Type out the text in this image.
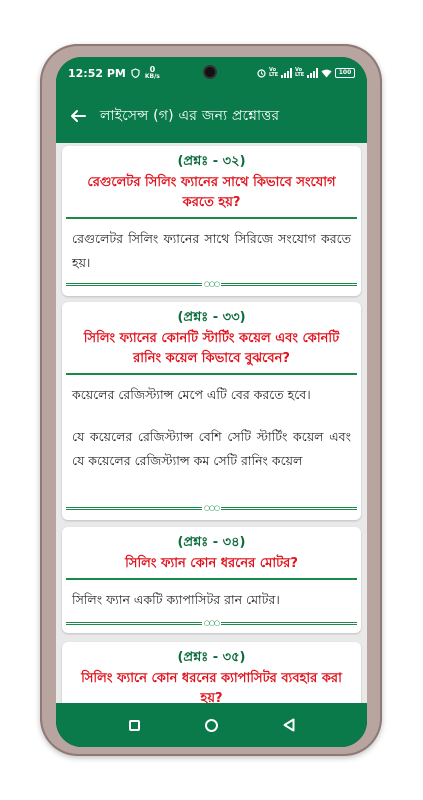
12:52 PM	0
KB/s
Vo LTE
Vo LTE	100
লাইসেন্স (গ) এর জন্য প্রশ্নোত্তর
(প্রশ্নঃ - ৩২)
রেগুলেটর সিলিং ফ্যানের সাথে কিভাবে সংযোগ করতে হয়?

রেগুলেটর সিলিং ফ্যানের সাথে সিরিজে সংযোগ করতে হয়।

○○○
(প্রশ্নঃ - ৩৩)
সিলিং ফ্যানের কোনটি স্টার্টিং কয়েল এবং কোনটি রানিং কয়েল কিভাবে বুঝবেন?

কয়েলের রেজিস্ট্যান্স মেপে এটি বের করতে হবে।

যে কয়েলের রেজিস্ট্যান্স বেশি সেটি স্টার্টিং কয়েল এবং যে কয়েলের রেজিস্ট্যান্স কম সেটি রানিং কয়েল

○○○
(প্রশ্নঃ - ৩৪)
সিলিং ফ্যান কোন ধরনের মোটর?

সিলিং ফ্যান একটি ক্যাপাসিটর রান মোটর।

○○○
(প্রশ্নঃ - ৩৫)
সিলিং ফ্যানে কোন ধরনের ক্যাপাসিটর ব্যবহার করা হয়?
